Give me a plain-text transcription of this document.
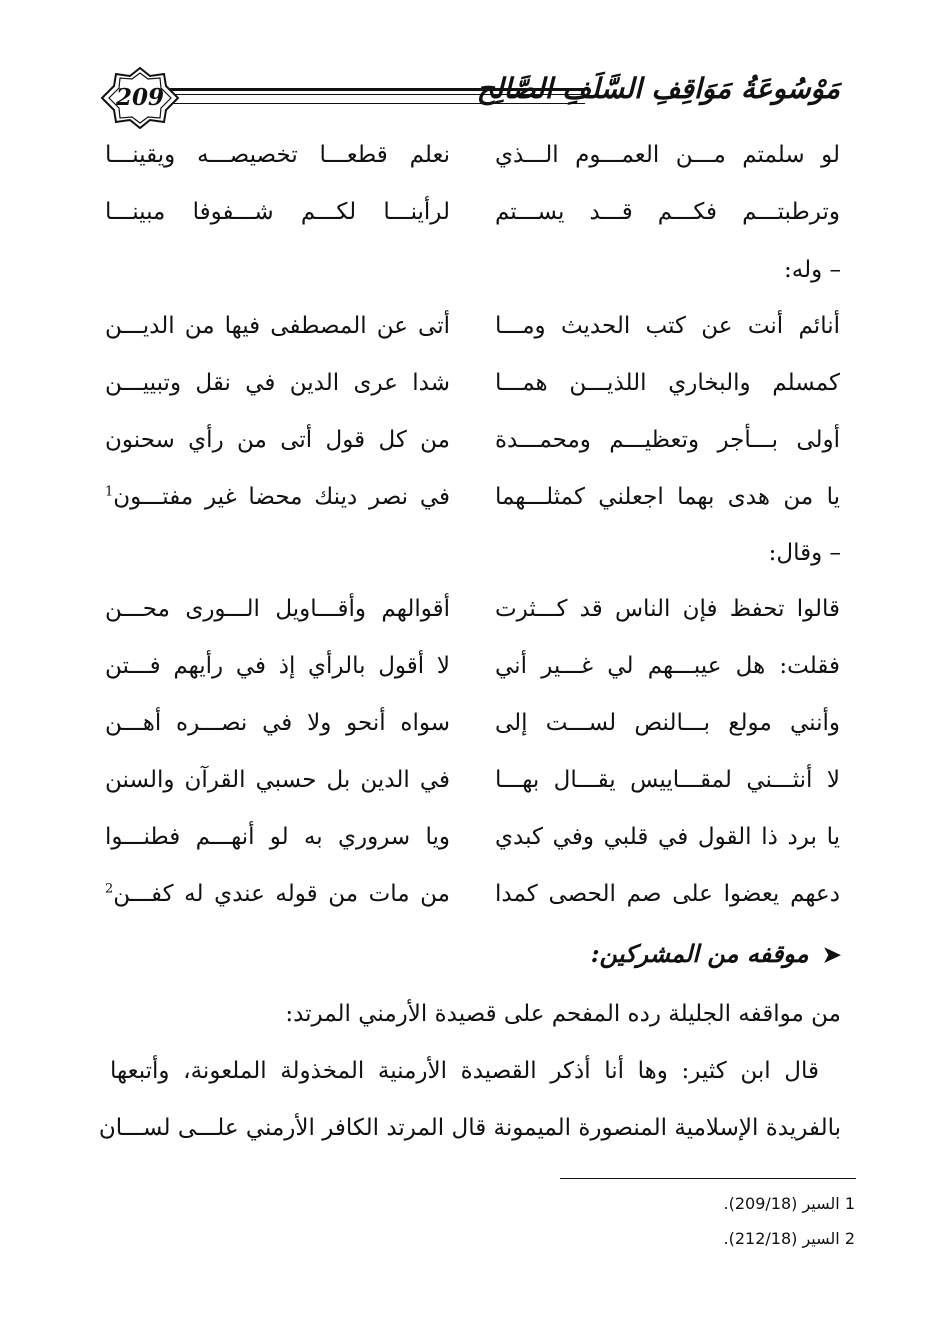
مَوْسُوعَةُ مَوَاقِفِ السَّلَفِ الصَّالِح
209
لو سلمتم مـــن العمـــوم الـــذي
نعلم قطعـــا تخصيصـــه ويقينـــا
وترطبتـــم فكـــم قـــد يســـتم
لرأينـــا لكـــم شـــفوفا مبينـــا
– وله:
أنائم أنت عن كتب الحديث ومـــا
أتى عن المصطفى فيها من الديـــن
كمسلم والبخاري اللذيـــن همـــا
شدا عرى الدين في نقل وتبييـــن
أولى بـــأجر وتعظيـــم ومحمـــدة
من كل قول أتى من رأي سحنون
يا من هدى بهما اجعلني كمثلـــهما
في نصر دينك محضا غير مفتـــون$^1$
– وقال:
قالوا تحفظ فإن الناس قد كـــثرت
أقوالهم وأقـــاويل الـــورى محـــن
فقلت: هل عيبـــهم لي غـــير أني
لا أقول بالرأي إذ في رأيهم فـــتن
وأنني مولع بـــالنص لســـت إلى
سواه أنحو ولا في نصـــره أهـــن
لا أنثـــني لمقـــاييس يقـــال بهـــا
في الدين بل حسبي القرآن والسنن
يا برد ذا القول في قلبي وفي كبدي
ويا سروري به لو أنهـــم فطنـــوا
دعهم يعضوا على صم الحصى كمدا
من مات من قوله عندي له كفـــن$^2$
➤موقفه من المشركين:
من مواقفه الجليلة رده المفحم على قصيدة الأرمني المرتد:
قال ابن كثير: وها أنا أذكر القصيدة الأرمنية المخذولة الملعونة، وأتبعها
بالفريدة الإسلامية المنصورة الميمونة قال المرتد الكافر الأرمني علـــى لســـان
1 السير (209/18).
2 السير (212/18).
